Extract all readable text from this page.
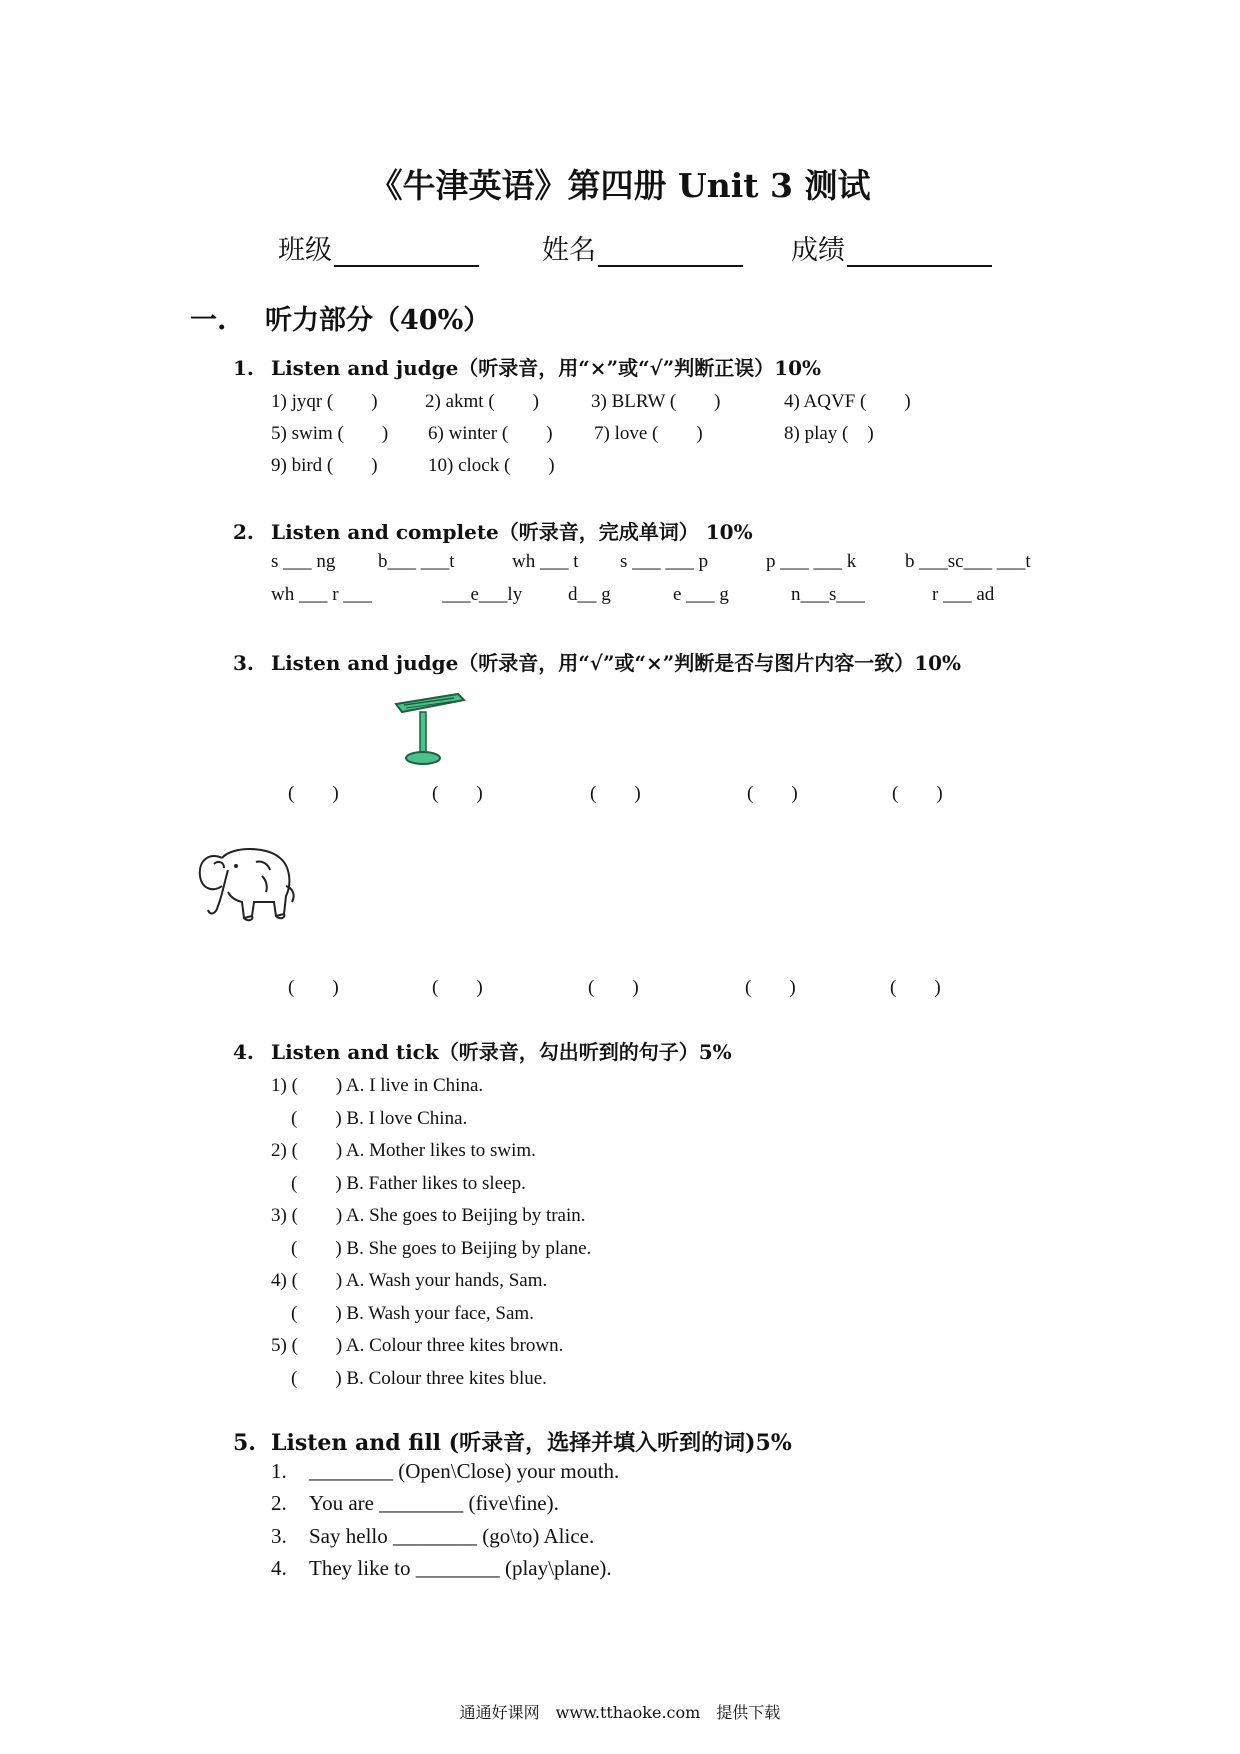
《牛津英语》第四册 Unit 3 测试
班级	姓名	成绩
一. 听力部分（40%）
1. Listen and judge（听录音，用“×”或“√”判断正误）10%
1) jyqr (　　) 2) akmt (　　)	3) BLRW (　　)	4) AQVF (　　)
5) swim (　　) 6) winter (　　) 7) love (　　)	8) play (　)
9) bird (　　)	10) clock (　　)
2. Listen and complete（听录音，完成单词） 10%
s ___ ng b___ ___t	wh ___ t s ___ ___ p	p ___ ___ k	b ___sc___ ___t
wh ___ r ___	___e___ly d__ g	e ___ g	n___s___	r ___ ad
3. Listen and judge（听录音，用“√”或“×”判断是否与图片内容一致）10%
(　　)	(　　)	(　　)	(　　)	(　　)
(　　)	(　　)	(　　)	(　　)	(　　)
4. Listen and tick（听录音，勾出听到的句子）5%
1) (　　) A. I live in China.
(　　) B. I love China.
2) (　　) A. Mother likes to swim.
(　　) B. Father likes to sleep.
3) (　　) A. She goes to Beijing by train.
(　　) B. She goes to Beijing by plane.
4) (　　) A. Wash your hands, Sam.
(　　) B. Wash your face, Sam.
5) (　　) A. Colour three kites brown.
(　　) B. Colour three kites blue.
5. Listen and fill (听录音，选择并填入听到的词)5%
1. ________ (Open\Close) your mouth.
2. You are ________ (five\fine).
3. Say hello ________ (go\to) Alice.
4. They like to ________ (play\plane).
通通好课网　www.tthaoke.com　提供下载
